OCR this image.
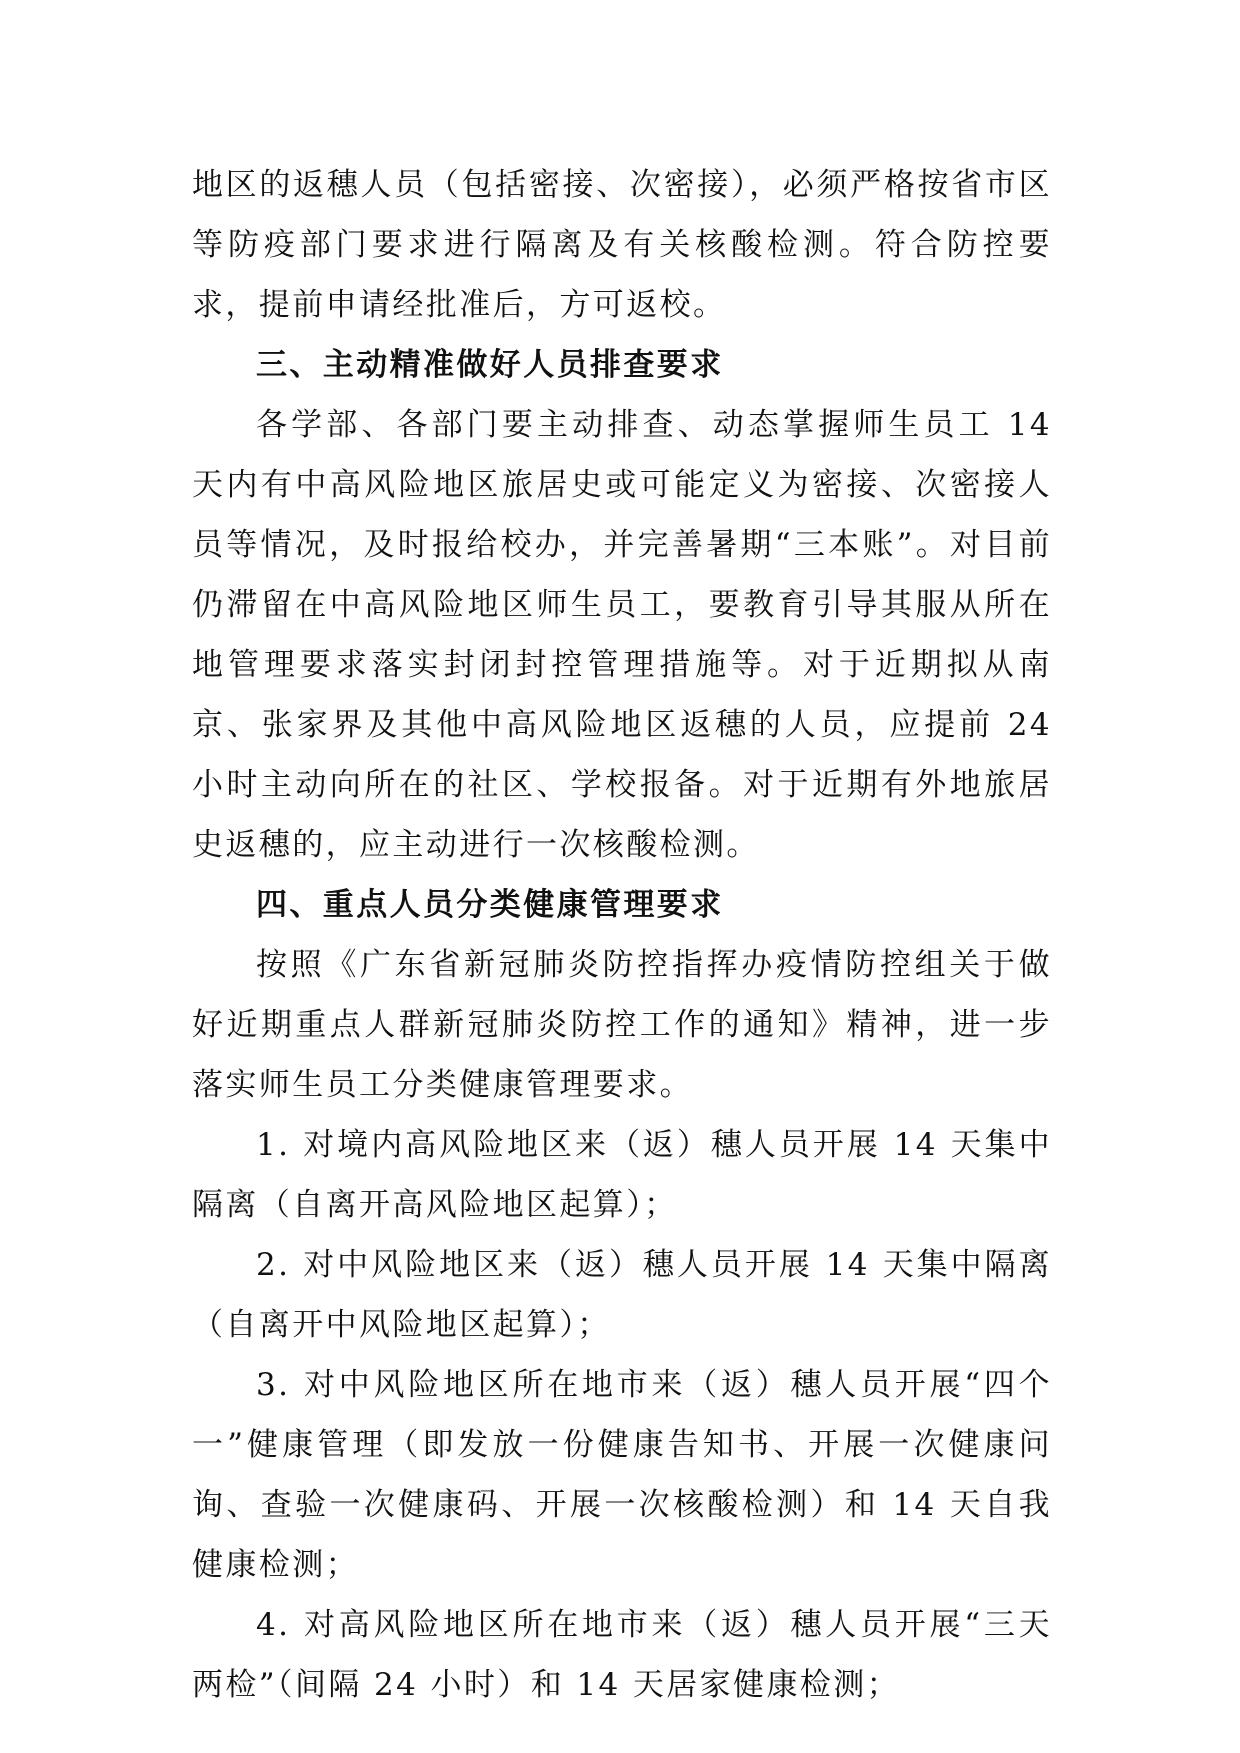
地区的返穗人员（包括密接、次密接），必须严格按省市区等防疫部门要求进行隔离及有关核酸检测。符合防控要求，提前申请经批准后，方可返校。

三、主动精准做好人员排查要求

各学部、各部门要主动排查、动态掌握师生员工 14 天内有中高风险地区旅居史或可能定义为密接、次密接人员等情况，及时报给校办，并完善暑期“三本账”。对目前仍滞留在中高风险地区师生员工，要教育引导其服从所在地管理要求落实封闭封控管理措施等。对于近期拟从南京、张家界及其他中高风险地区返穗的人员，应提前 24 小时主动向所在的社区、学校报备。对于近期有外地旅居史返穗的，应主动进行一次核酸检测。

四、重点人员分类健康管理要求

按照《广东省新冠肺炎防控指挥办疫情防控组关于做好近期重点人群新冠肺炎防控工作的通知》精神，进一步落实师生员工分类健康管理要求。

1. 对境内高风险地区来（返）穗人员开展 14 天集中隔离（自离开高风险地区起算）；

2. 对中风险地区来（返）穗人员开展 14 天集中隔离（自离开中风险地区起算）；

3. 对中风险地区所在地市来（返）穗人员开展“四个一”健康管理（即发放一份健康告知书、开展一次健康问询、查验一次健康码、开展一次核酸检测）和 14 天自我健康检测；

4. 对高风险地区所在地市来（返）穗人员开展“三天两检”（间隔 24 小时）和 14 天居家健康检测；
